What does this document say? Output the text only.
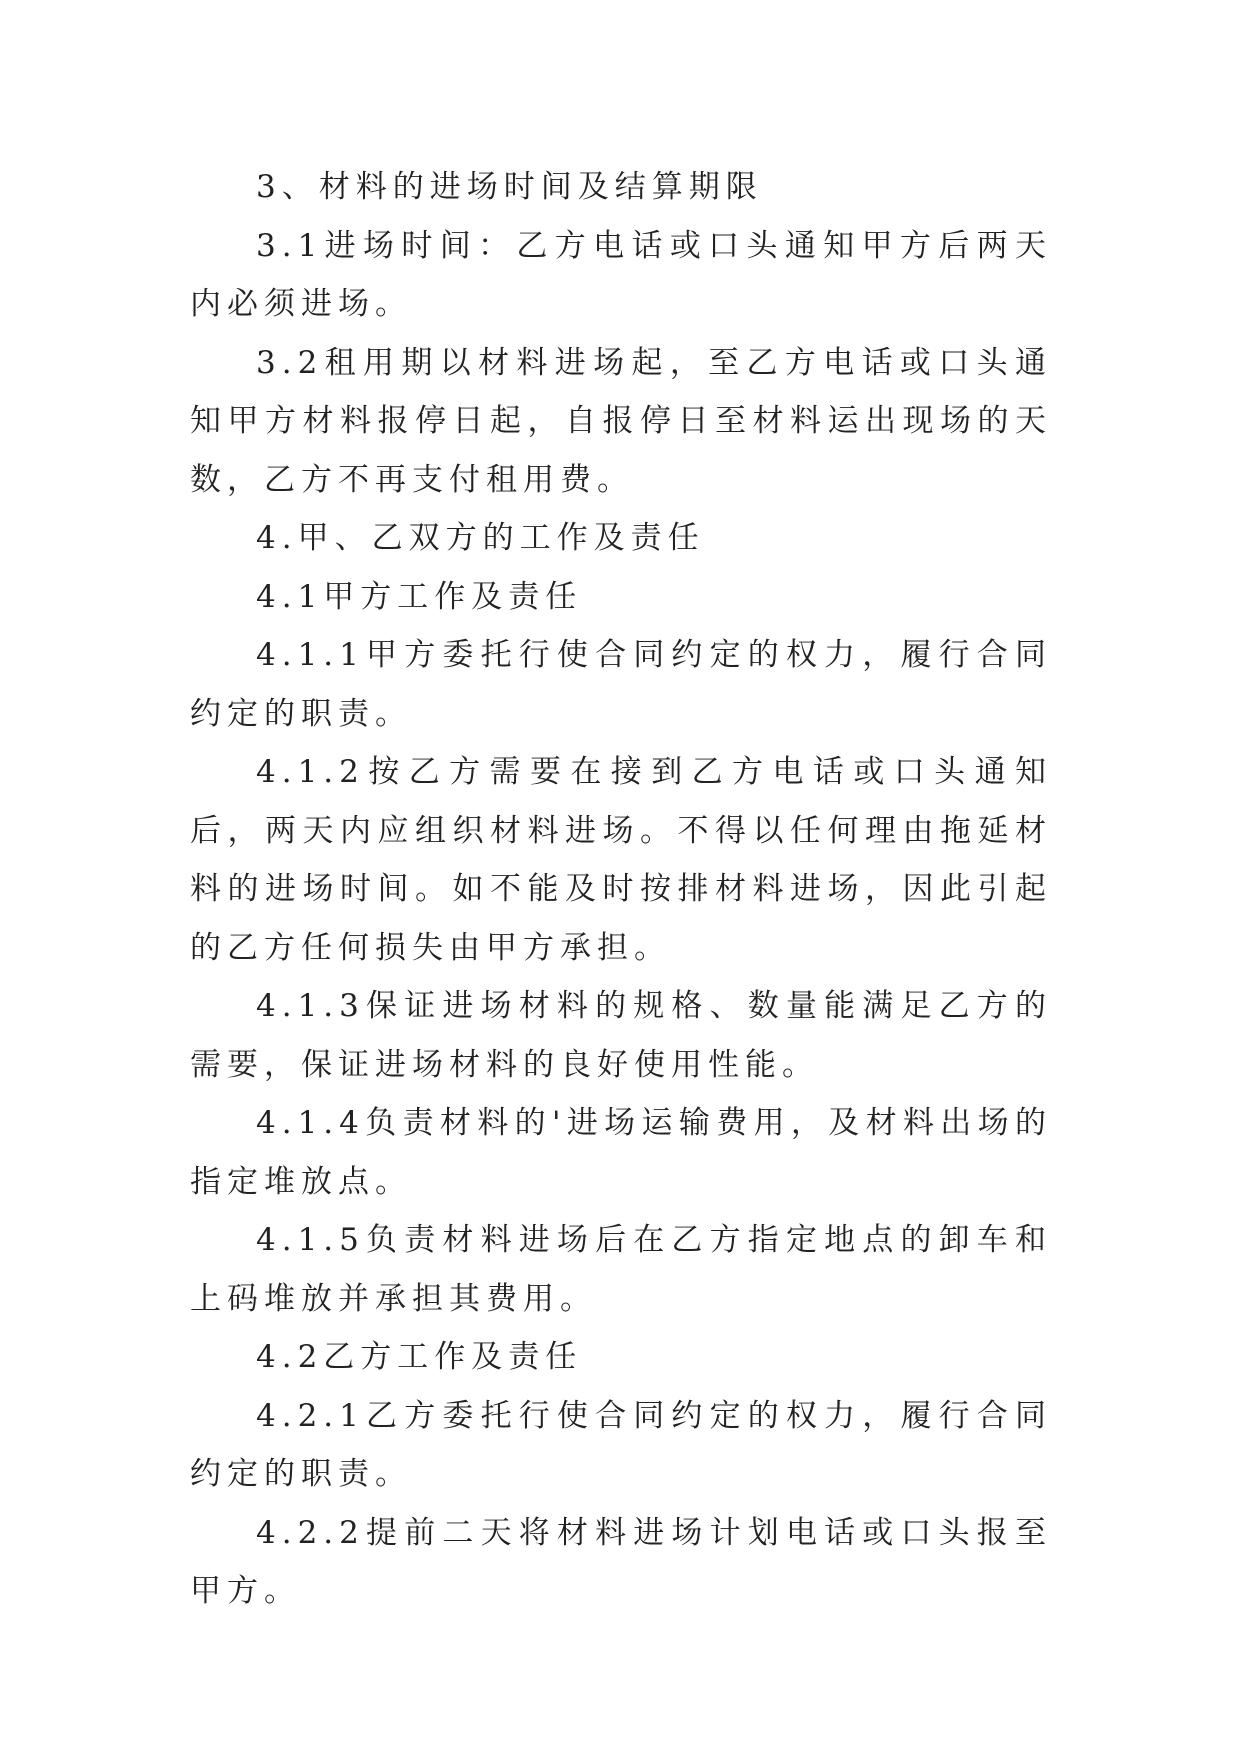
3、材料的进场时间及结算期限

3.1进场时间：乙方电话或口头通知甲方后两天内必须进场。

3.2租用期以材料进场起，至乙方电话或口头通知甲方材料报停日起，自报停日至材料运出现场的天数，乙方不再支付租用费。

4.甲、乙双方的工作及责任

4.1甲方工作及责任

4.1.1甲方委托行使合同约定的权力，履行合同约定的职责。

4.1.2按乙方需要在接到乙方电话或口头通知后，两天内应组织材料进场。不得以任何理由拖延材料的进场时间。如不能及时按排材料进场，因此引起的乙方任何损失由甲方承担。

4.1.3保证进场材料的规格、数量能满足乙方的需要，保证进场材料的良好使用性能。

4.1.4负责材料的'进场运输费用，及材料出场的指定堆放点。

4.1.5负责材料进场后在乙方指定地点的卸车和上码堆放并承担其费用。

4.2乙方工作及责任

4.2.1乙方委托行使合同约定的权力，履行合同约定的职责。

4.2.2提前二天将材料进场计划电话或口头报至甲方。
